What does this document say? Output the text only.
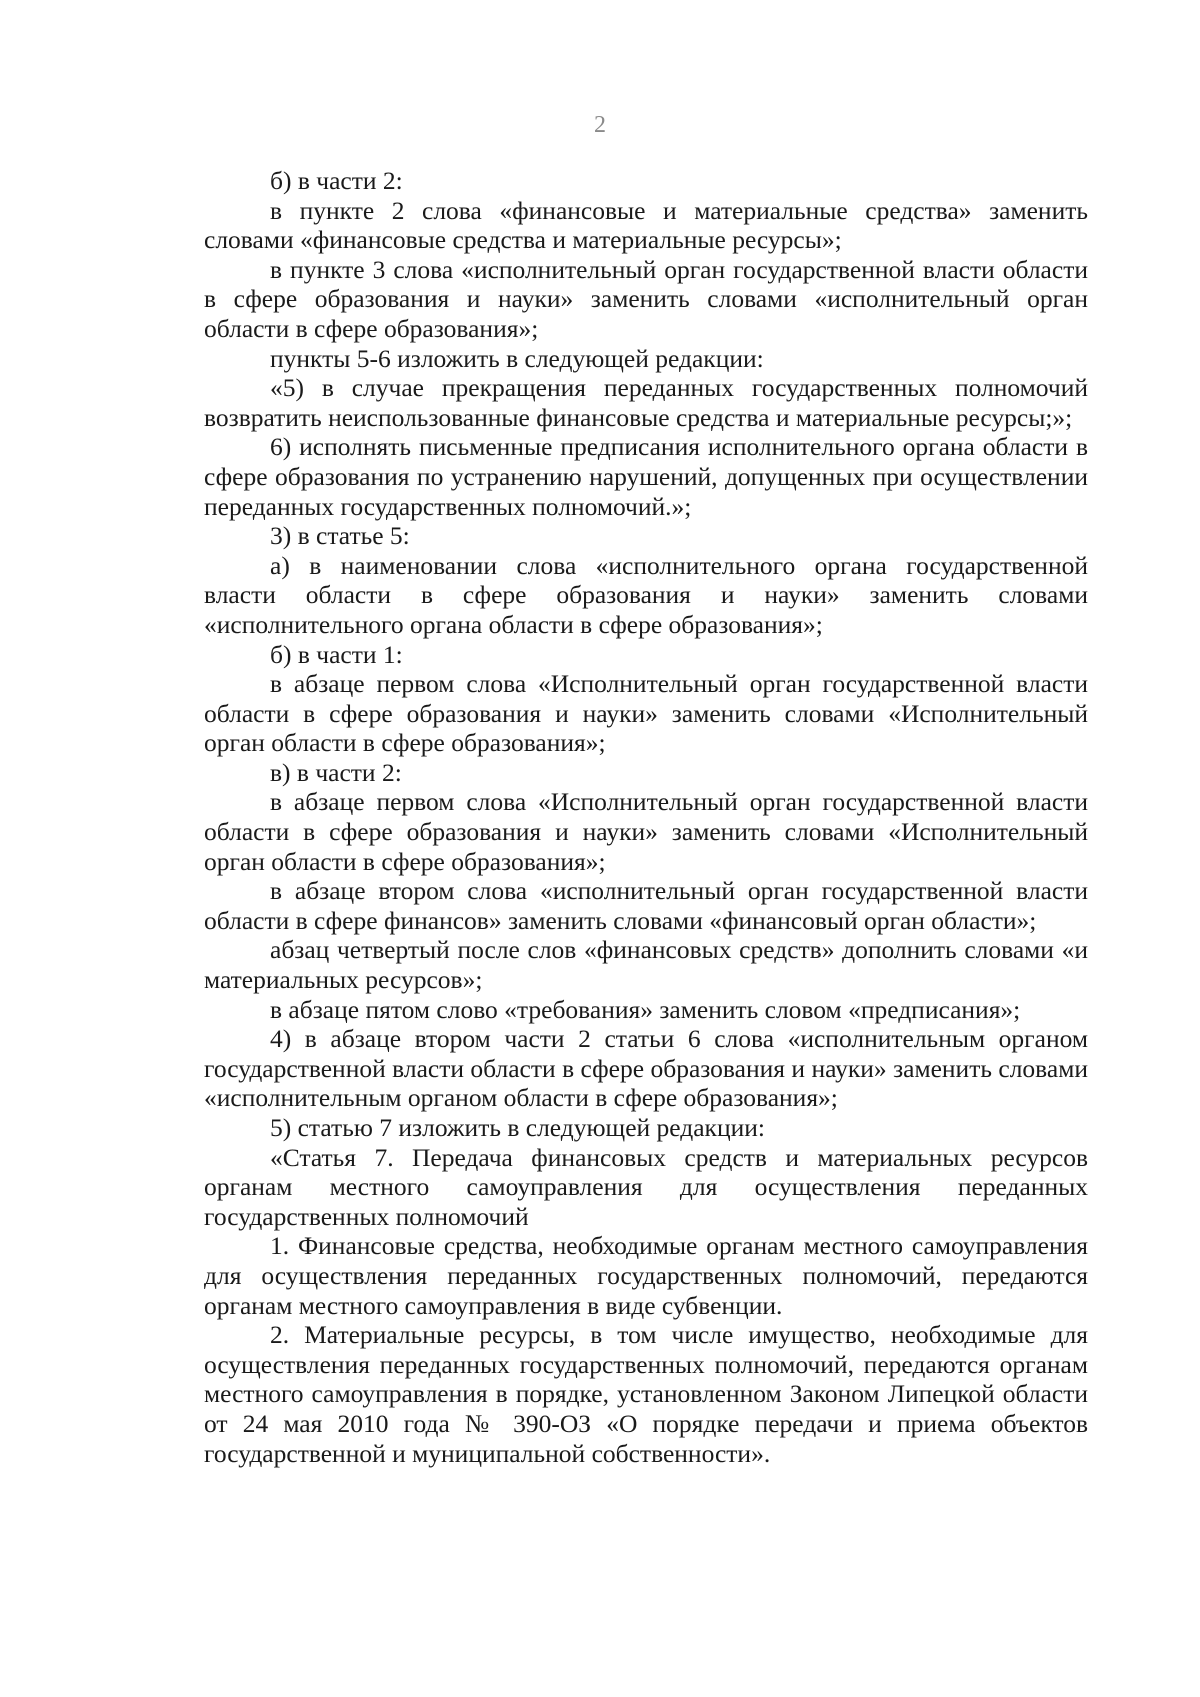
2

б) в части 2:

в пункте 2 слова «финансовые и материальные средства» заменить словами «финансовые средства и материальные ресурсы»;

в пункте 3 слова «исполнительный орган государственной власти области в сфере образования и науки» заменить словами «исполнительный орган области в сфере образования»;

пункты 5-6 изложить в следующей редакции:

«5) в случае прекращения переданных государственных полномочий возвратить неиспользованные финансовые средства и материальные ресурсы;»;

6) исполнять письменные предписания исполнительного органа области в сфере образования по устранению нарушений, допущенных при осуществлении переданных государственных полномочий.»;

3) в статье 5:

а) в наименовании слова «исполнительного органа государственной власти области в сфере образования и науки» заменить словами «исполнительного органа области в сфере образования»;

б) в части 1:

в абзаце первом слова «Исполнительный орган государственной власти области в сфере образования и науки» заменить словами «Исполнительный орган области в сфере образования»;

в) в части 2:

в абзаце первом слова «Исполнительный орган государственной власти области в сфере образования и науки» заменить словами «Исполнительный орган области в сфере образования»;

в абзаце втором слова «исполнительный орган государственной власти области в сфере финансов» заменить словами «финансовый орган области»;

абзац четвертый после слов «финансовых средств» дополнить словами «и материальных ресурсов»;

в абзаце пятом слово «требования» заменить словом «предписания»;

4) в абзаце втором части 2 статьи 6 слова «исполнительным органом государственной власти области в сфере образования и науки» заменить словами «исполнительным органом области в сфере образования»;

5) статью 7 изложить в следующей редакции:

«Статья 7. Передача финансовых средств и материальных ресурсов органам местного самоуправления для осуществления переданных государственных полномочий

1. Финансовые средства, необходимые органам местного самоуправления для осуществления переданных государственных полномочий, передаются органам местного самоуправления в виде субвенции.

2. Материальные ресурсы, в том числе имущество, необходимые для осуществления переданных государственных полномочий, передаются органам местного самоуправления в порядке, установленном Законом Липецкой области от 24 мая 2010 года № 390-ОЗ «О порядке передачи и приема объектов государственной и муниципальной собственности».
